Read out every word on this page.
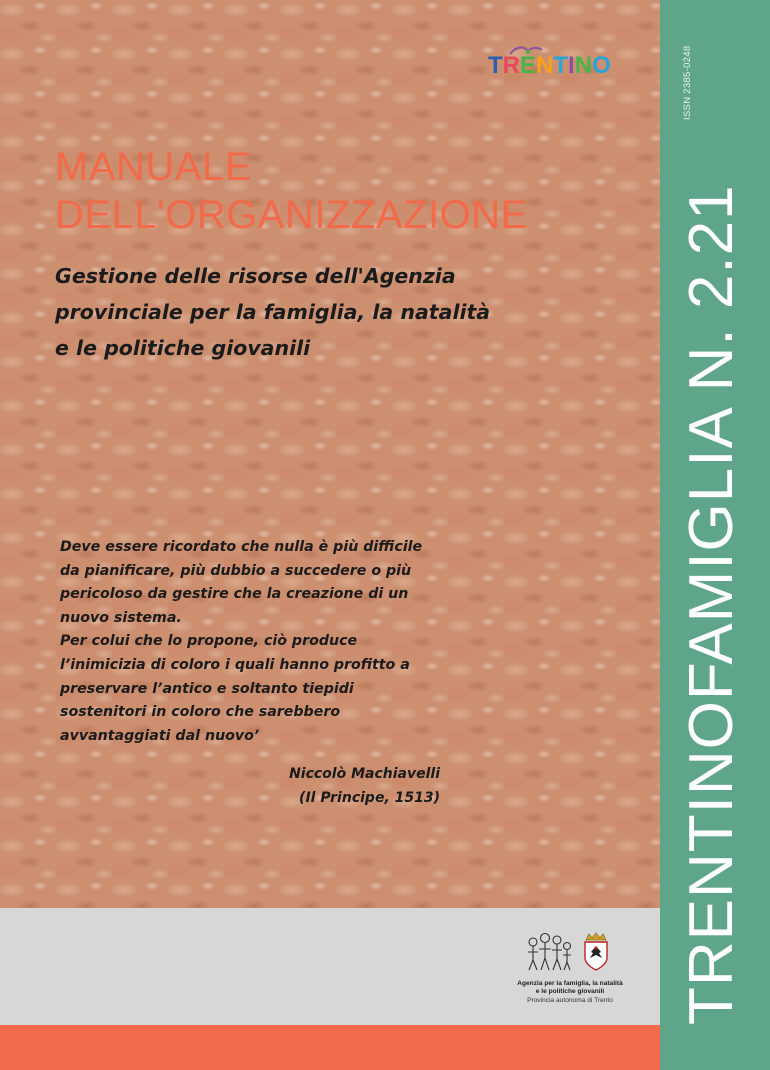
ISSN 2385-0248
TRENTINOFAMIGLIA N. 2.21
TRENTINO
MANUALE
DELL'ORGANIZZAZIONE
Gestione delle risorse dell'Agenzia
provinciale per la famiglia, la natalità
e le politiche giovanili
Deve essere ricordato che nulla è più difficile
da pianificare, più dubbio a succedere o più
pericoloso da gestire che la creazione di un
nuovo sistema.
Per colui che lo propone, ciò produce
l’inimicizia di coloro i quali hanno profitto a
preservare l’antico e soltanto tiepidi
sostenitori in coloro che sarebbero
avvantaggiati dal nuovo’
Niccolò Machiavelli
(Il Principe, 1513)
Agenzia per la famiglia, la natalità
e le politiche giovanili
Provincia autonoma di Trento
